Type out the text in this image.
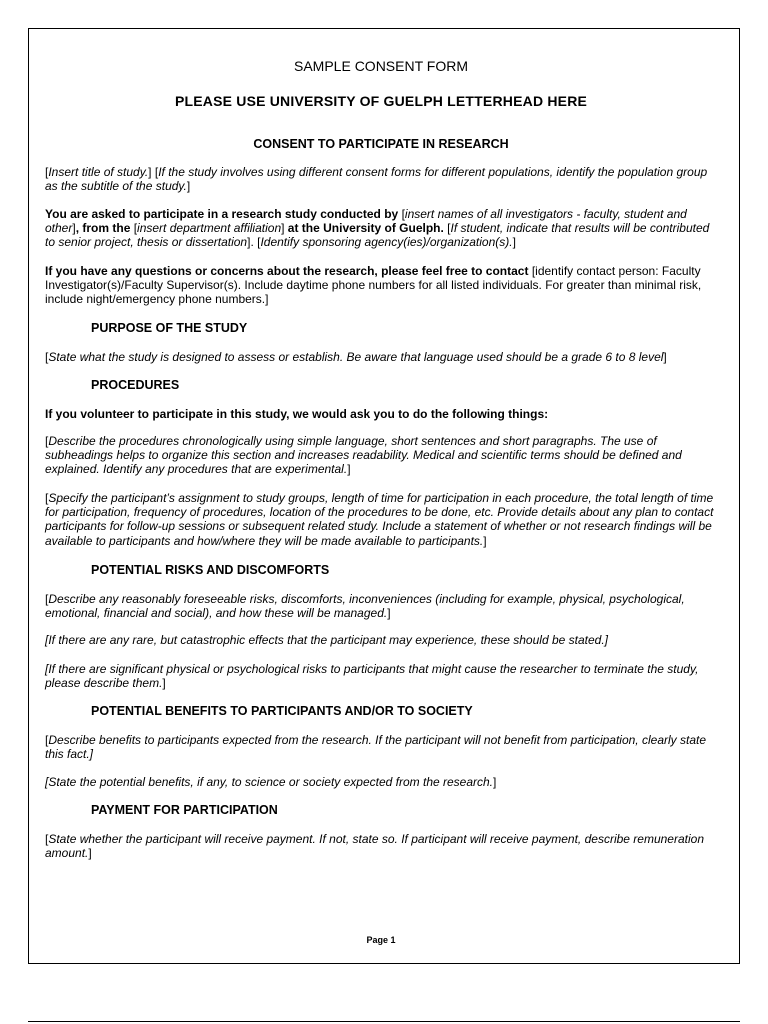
SAMPLE CONSENT FORM
PLEASE USE UNIVERSITY OF GUELPH LETTERHEAD HERE
CONSENT TO PARTICIPATE IN RESEARCH
[Insert title of study.] [If the study involves using different consent forms for different populations, identify the population group as the subtitle of the study.]
You are asked to participate in a research study conducted by [insert names of all investigators - faculty, student and other], from the [insert department affiliation] at the University of Guelph. [If student, indicate that results will be contributed to senior project, thesis or dissertation]. [Identify sponsoring agency(ies)/organization(s).]
If you have any questions or concerns about the research, please feel free to contact [identify contact person: Faculty Investigator(s)/Faculty Supervisor(s). Include daytime phone numbers for all listed individuals. For greater than minimal risk, include night/emergency phone numbers.]
PURPOSE OF THE STUDY
[State what the study is designed to assess or establish. Be aware that language used should be a grade 6 to 8 level]
PROCEDURES
If you volunteer to participate in this study, we would ask you to do the following things:
[Describe the procedures chronologically using simple language, short sentences and short paragraphs. The use of subheadings helps to organize this section and increases readability. Medical and scientific terms should be defined and explained. Identify any procedures that are experimental.]
[Specify the participant’s assignment to study groups, length of time for participation in each procedure, the total length of time for participation, frequency of procedures, location of the procedures to be done, etc. Provide details about any plan to contact participants for follow-up sessions or subsequent related study. Include a statement of whether or not research findings will be available to participants and how/where they will be made available to participants.]
POTENTIAL RISKS AND DISCOMFORTS
[Describe any reasonably foreseeable risks, discomforts, inconveniences (including for example, physical, psychological, emotional, financial and social), and how these will be managed.]
[If there are any rare, but catastrophic effects that the participant may experience, these should be stated.]
[If there are significant physical or psychological risks to participants that might cause the researcher to terminate the study, please describe them.]
POTENTIAL BENEFITS TO PARTICIPANTS AND/OR TO SOCIETY
[Describe benefits to participants expected from the research. If the participant will not benefit from participation, clearly state this fact.]
[State the potential benefits, if any, to science or society expected from the research.]
PAYMENT FOR PARTICIPATION
[State whether the participant will receive payment. If not, state so. If participant will receive payment, describe remuneration amount.]
Page 1
